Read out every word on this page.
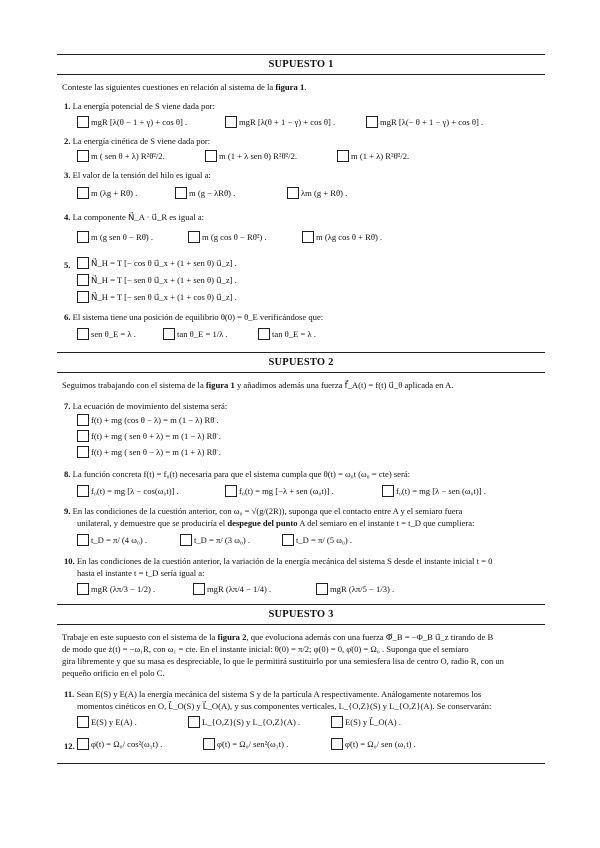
SUPUESTO 1
Conteste las siguientes cuestiones en relación al sistema de la figura 1.
1. La energía potencial de S viene dada por:
mgR [λ(θ − 1 + γ) + cos θ] .	mgR [λ(θ + 1 − γ) + cos θ] .	mgR [λ(− θ + 1 − γ) + cos θ] .
2. La energía cinética de S viene dada por:
m ( sen θ + λ) R²θ̇²/2.	m (1 + λ sen θ) R²θ̇²/2.	m (1 + λ) R²θ̇²/2.
3. El valor de la tensión del hilo es igual a:
m (λg + Rθ̈) .	m (g − λRθ̈) .	λm (g + Rθ̈) .
4. La componente N⃗_A · u⃗_R es igual a:
m (g sen θ − Rθ̈) .	m (g cos θ − Rθ̇²) .	m (λg cos θ + Rθ̈) .
5. N⃗_H = T [− cos θ u⃗_x + (1 + sen θ) u⃗_z] .
N⃗_H = T [− sen θ u⃗_x + (1 + sen θ) u⃗_z] .
N⃗_H = T [− sen θ u⃗_x + (1 + cos θ) u⃗_z] .
6. El sistema tiene una posición de equilibrio θ(0) = θ_E verificándose que:
sen θ_E = λ .	tan θ_E = 1/λ .	tan θ_E = λ .
SUPUESTO 2
Seguimos trabajando con el sistema de la figura 1 y añadimos además una fuerza f⃗_A(t) = f(t) u⃗_θ aplicada en A.
7. La ecuación de movimiento del sistema será:
f(t) + mg (cos θ − λ) = m (1 − λ) Rθ̈ .
f(t) + mg ( sen θ + λ) = m (1 − λ) Rθ̈ .
f(t) + mg ( sen θ − λ) = m (1 + λ) Rθ̈ .
8. La función concreta f(t) = f₀(t) necesaria para que el sistema cumpla que θ(t) = ω₀t (ω₀ = cte) será:
f₀(t) = mg [λ − cos(ω₀t)] .	f₀(t) = mg [−λ + sen (ω₀t)] .	f₀(t) = mg [λ − sen (ω₀t)] .
9. En las condiciones de la cuestión anterior, con ω₀ = √(g/(2R)), suponga que el contacto entre A y el semiaro fuera
unilateral, y demuestre que se produciría el despegue del punto A del semiaro en el instante t = t_D que cumpliera:
t_D = π/ (4 ω₀) .	t_D = π/ (3 ω₀) .	t_D = π/ (5 ω₀) .
10. En las condiciones de la cuestión anterior, la variación de la energía mecánica del sistema S desde el instante inicial t = 0
hasta el instante t = t_D sería igual a:
mgR (λπ/3 − 1/2) .	mgR (λπ/4 − 1/4) .	mgR (λπ/5 − 1/3) .
SUPUESTO 3
Trabaje en este supuesto con el sistema de la figura 2, que evoluciona además con una fuerza Φ⃗_B = −Φ_B u⃗_z tirando de B
de modo que ż(t) = −ω₁R, con ω₁ = cte. En el instante inicial: θ(0) = π/2; φ(0) = 0, φ̇(0) = Ω₀ . Suponga que el semiaro
gira libremente y que su masa es despreciable, lo que le permitirá sustituirlo por una semiesfera lisa de centro O, radio R, con un
pequeño orificio en el polo C.
11. Sean E(S) y E(A) la energía mecánica del sistema S y de la partícula A respectivamente. Análogamente notaremos los
momentos cinéticos en O, L⃗_O(S) y L⃗_O(A), y sus componentes verticales, L_{O,Z}(S) y L_{O,Z}(A). Se conservarán:
E(S) y E(A) .	L_{O,Z}(S) y L_{O,Z}(A) .	E(S) y L⃗_O(A) .
12. φ̇(t) = Ω₀/ cos²(ω₁t) .	φ̇(t) = Ω₀/ sen²(ω₁t) .	φ̇(t) = Ω₀/ sen (ω₁t) .
